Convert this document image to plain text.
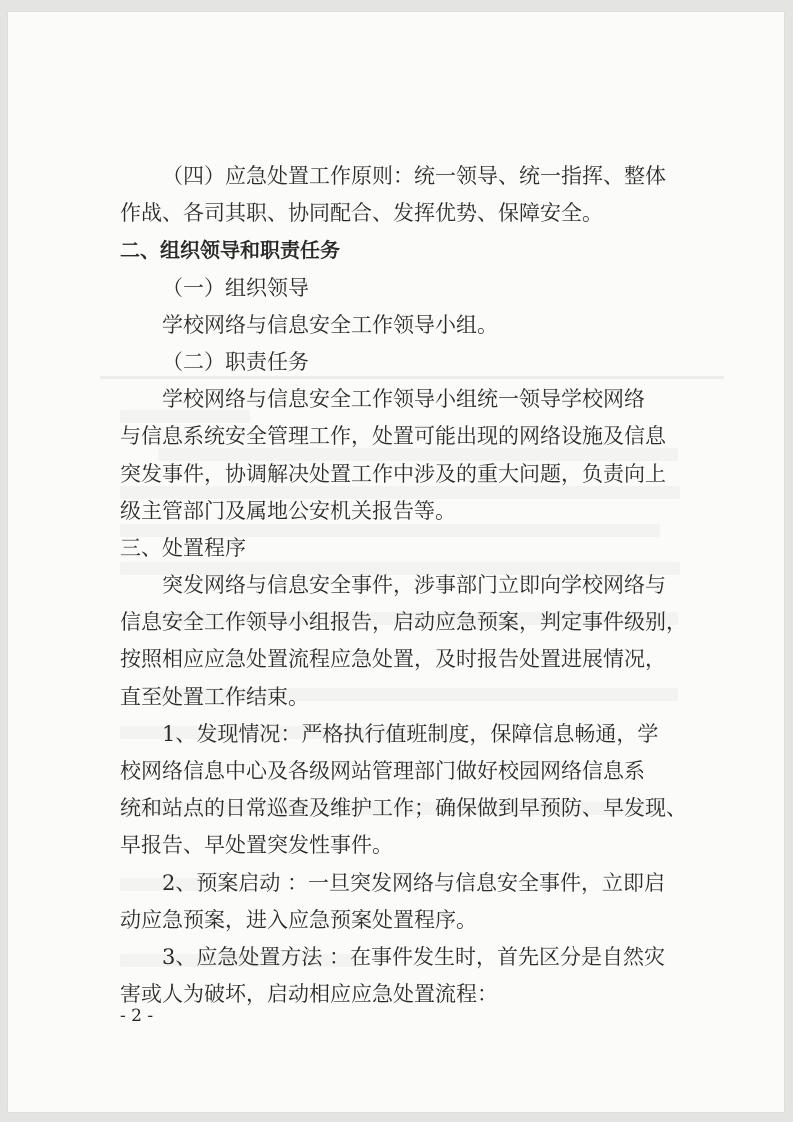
（四）应急处置工作原则：统一领导、统一指挥、整体
作战、各司其职、协同配合、发挥优势、保障安全。
二、组织领导和职责任务
（一）组织领导
学校网络与信息安全工作领导小组。
（二）职责任务
学校网络与信息安全工作领导小组统一领导学校网络
与信息系统安全管理工作，处置可能出现的网络设施及信息
突发事件，协调解决处置工作中涉及的重大问题，负责向上
级主管部门及属地公安机关报告等。
三、处置程序
突发网络与信息安全事件，涉事部门立即向学校网络与
信息安全工作领导小组报告，启动应急预案，判定事件级别，
按照相应应急处置流程应急处置，及时报告处置进展情况，
直至处置工作结束。
1、发现情况：严格执行值班制度，保障信息畅通，学
校网络信息中心及各级网站管理部门做好校园网络信息系
统和站点的日常巡查及维护工作；确保做到早预防、早发现、
早报告、早处置突发性事件。
2、预案启动 ：一旦突发网络与信息安全事件，立即启
动应急预案，进入应急预案处置程序。
3、应急处置方法 ：在事件发生时，首先区分是自然灾
害或人为破坏，启动相应应急处置流程：
- 2 -
